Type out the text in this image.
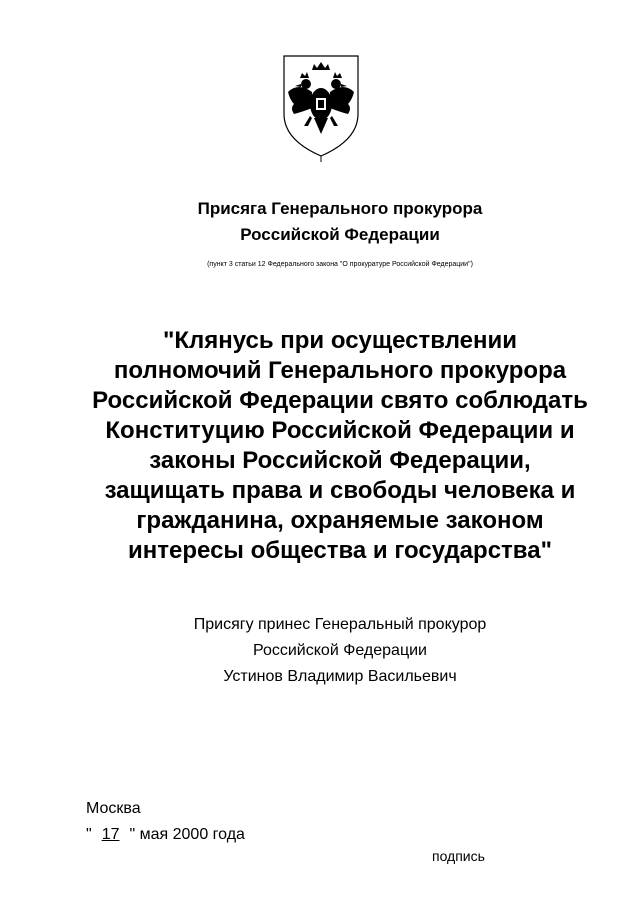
Присяга Генерального прокурора
Российской Федерации
(пункт 3 статьи 12 Федерального закона "О прокуратуре Российской Федерации")
"Клянусь при осуществлении
полномочий Генерального прокурора
Российской Федерации свято соблюдать
Конституцию Российской Федерации и
законы Российской Федерации,
защищать права и свободы человека и
гражданина, охраняемые законом
интересы общества и государства"
Присягу принес Генеральный прокурор
Российской Федерации
Устинов Владимир Васильевич
Москва
" 17 " мая 2000 года
подпись
